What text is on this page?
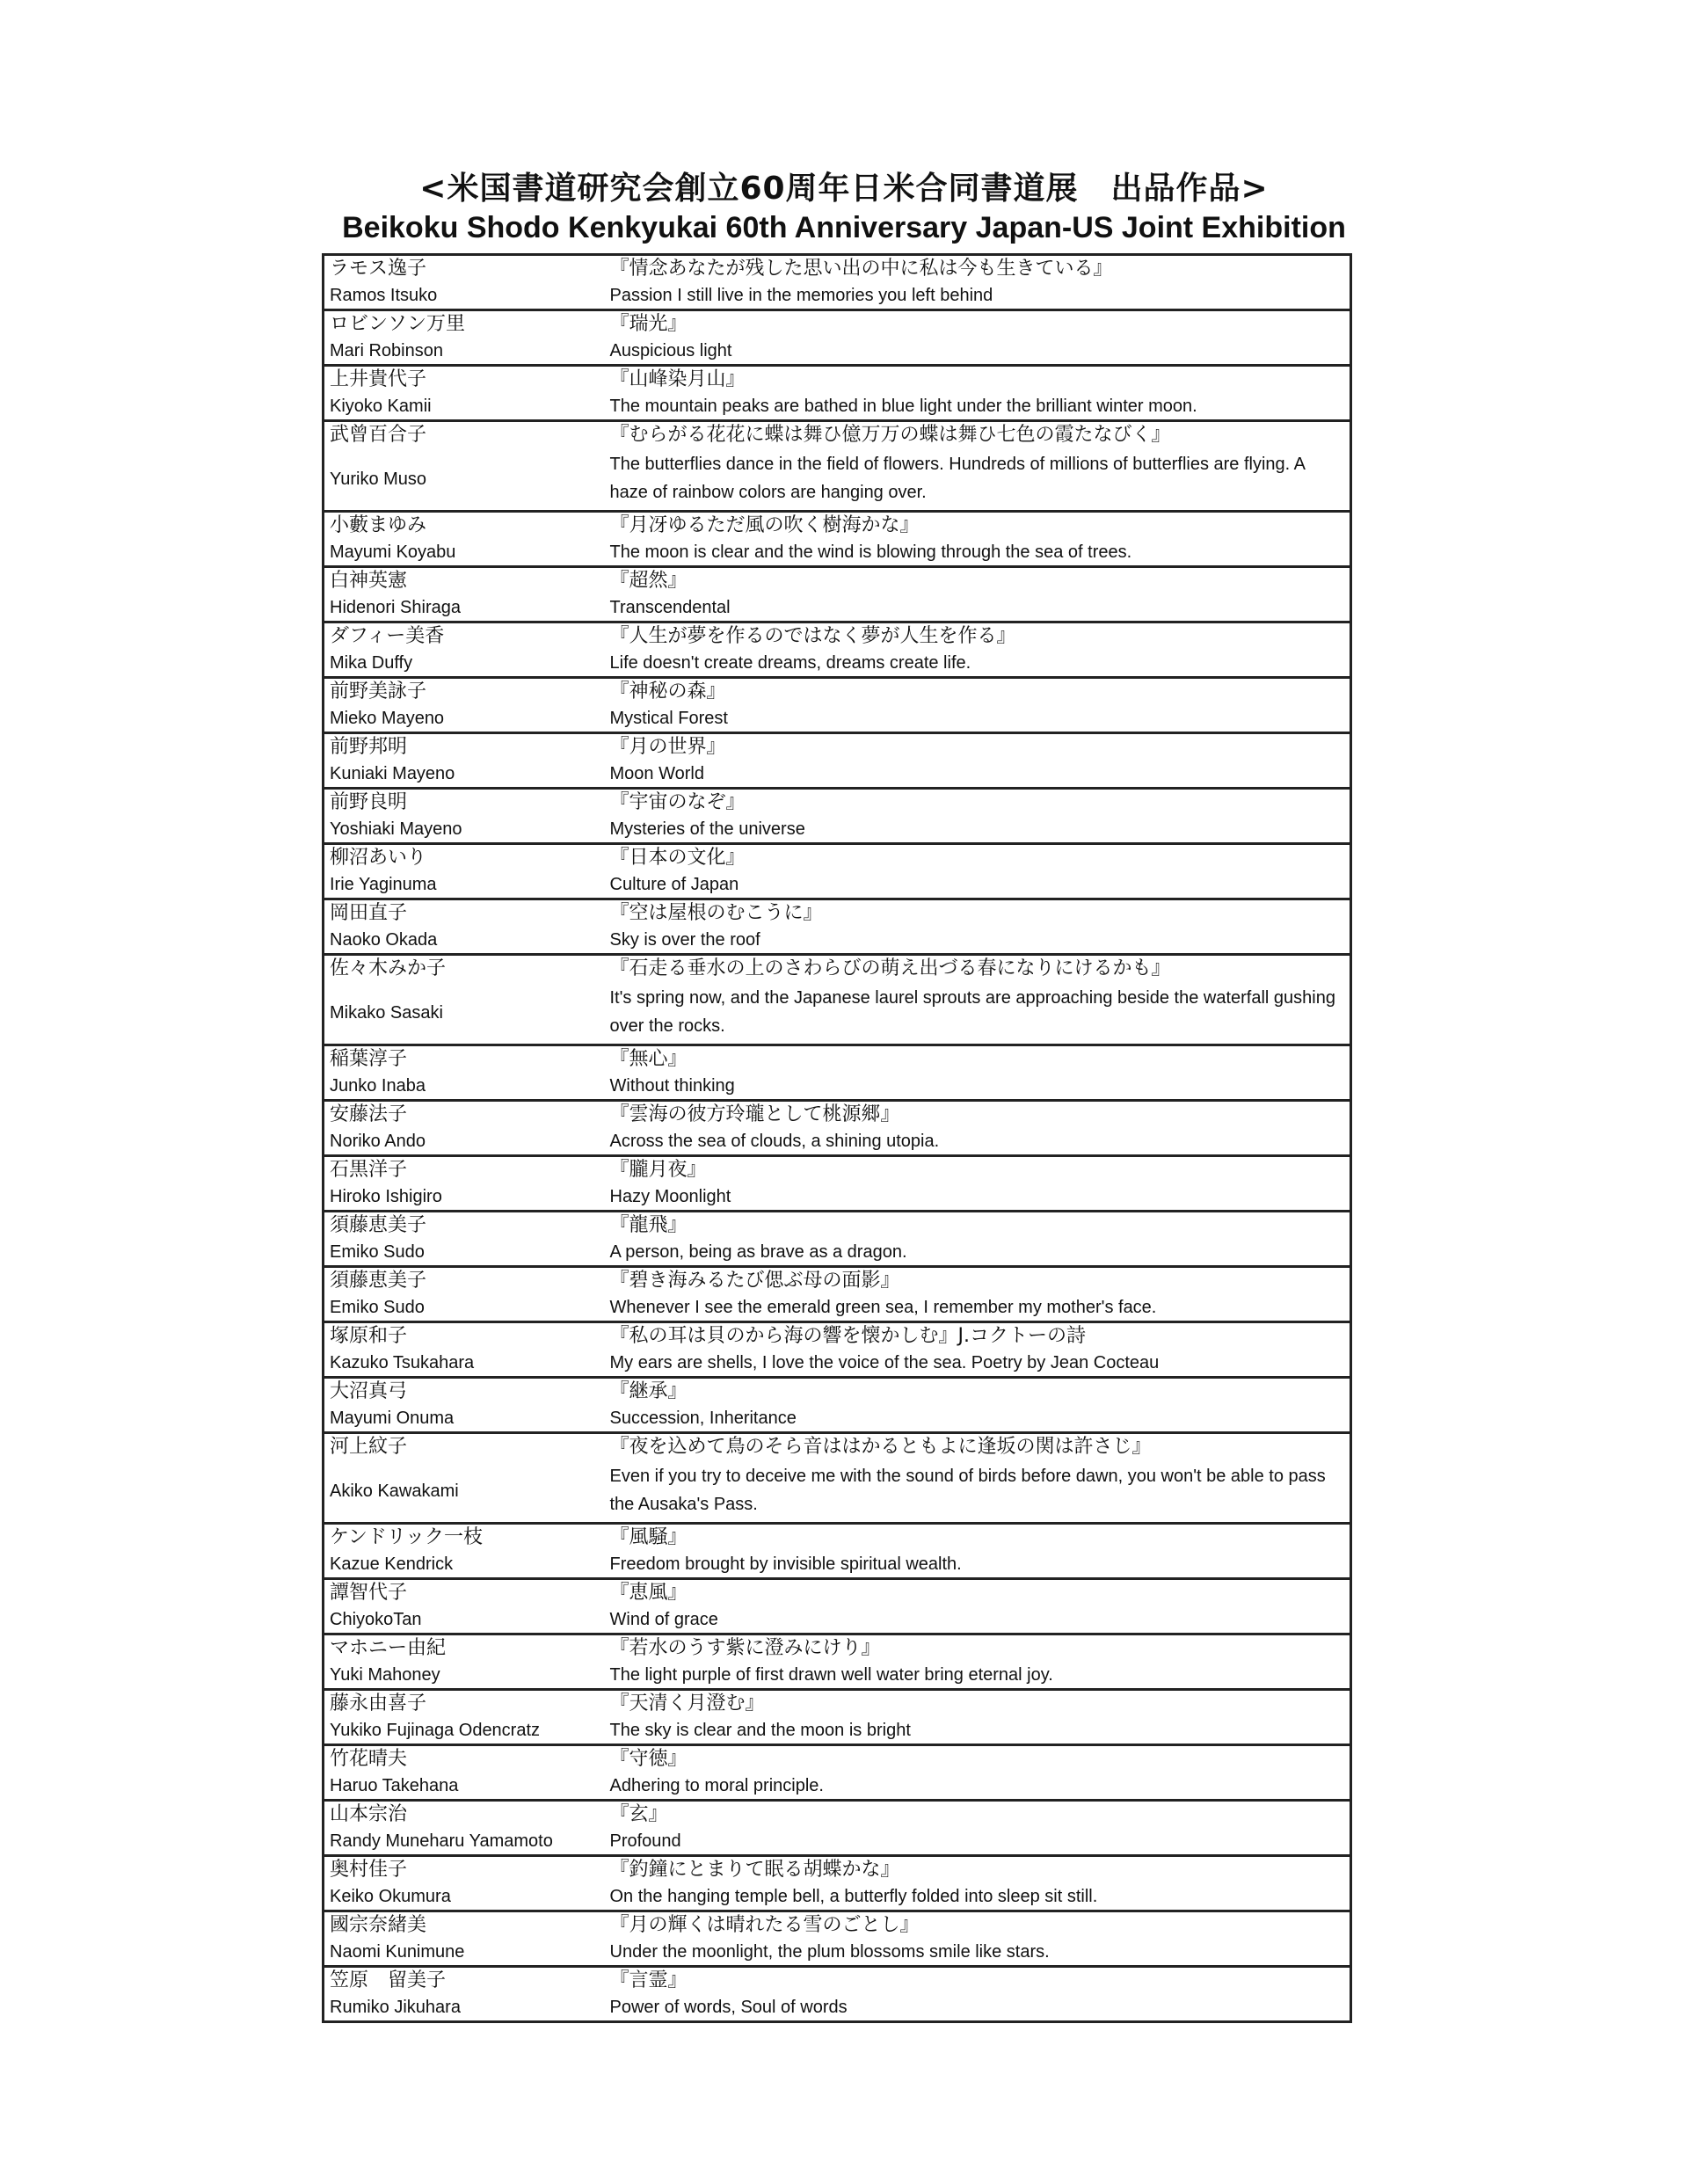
<米国書道研究会創立60周年日米合同書道展　出品作品>
Beikoku Shodo Kenkyukai 60th Anniversary Japan-US Joint Exhibition
ラモス逸子	『情念あなたが残した思い出の中に私は今も生きている』
Ramos Itsuko	Passion I still live in the memories you left behind
ロビンソン万里	『瑞光』
Mari Robinson	Auspicious light
上井貴代子	『山峰染月山』
Kiyoko Kamii	The mountain peaks are bathed in blue light under the brilliant winter moon.
武曾百合子	『むらがる花花に蝶は舞ひ億万万の蝶は舞ひ七色の霞たなびく』
Yuriko Muso	The butterflies dance in the field of flowers. Hundreds of millions of butterflies are flying. A haze of rainbow colors are hanging over.
小藪まゆみ	『月冴ゆるただ風の吹く樹海かな』
Mayumi Koyabu	The moon is clear and the wind is blowing through the sea of trees.
白神英憲	『超然』
Hidenori Shiraga	Transcendental
ダフィー美香	『人生が夢を作るのではなく夢が人生を作る』
Mika Duffy	Life doesn't create dreams, dreams create life.
前野美詠子	『神秘の森』
Mieko Mayeno	Mystical Forest
前野邦明	『月の世界』
Kuniaki Mayeno	Moon World
前野良明	『宇宙のなぞ』
Yoshiaki Mayeno	Mysteries of the universe
柳沼あいり	『日本の文化』
Irie Yaginuma	Culture of Japan
岡田直子	『空は屋根のむこうに』
Naoko Okada	Sky is over the roof
佐々木みか子	『石走る垂水の上のさわらびの萌え出づる春になりにけるかも』
Mikako Sasaki	It's spring now, and the Japanese laurel sprouts are approaching beside the waterfall gushing over the rocks.
稲葉淳子	『無心』
Junko Inaba	Without thinking
安藤法子	『雲海の彼方玲瓏として桃源郷』
Noriko Ando	Across the sea of clouds, a shining utopia.
石黒洋子	『朧月夜』
Hiroko Ishigiro	Hazy Moonlight
須藤恵美子	『龍飛』
Emiko Sudo	A person, being as brave as a dragon.
須藤恵美子	『碧き海みるたび偲ぶ母の面影』
Emiko Sudo	Whenever I see the emerald green sea, I remember my mother's face.
塚原和子	『私の耳は貝のから海の響を懐かしむ』J.コクトーの詩
Kazuko Tsukahara	My ears are shells, I love the voice of the sea. Poetry by Jean Cocteau
大沼真弓	『継承』
Mayumi Onuma	Succession, Inheritance
河上紋子	『夜を込めて鳥のそら音ははかるともよに逢坂の関は許さじ』
Akiko Kawakami	Even if you try to deceive me with the sound of birds before dawn, you won't be able to pass the Ausaka's Pass.
ケンドリック一枝	『風騒』
Kazue Kendrick	Freedom brought by invisible spiritual wealth.
譚智代子	『恵風』
ChiyokoTan	Wind of grace
マホニー由紀	『若水のうす紫に澄みにけり』
Yuki Mahoney	The light purple of first drawn well water bring eternal joy.
藤永由喜子	『天清く月澄む』
Yukiko Fujinaga Odencratz	The sky is clear and the moon is bright
竹花晴夫	『守徳』
Haruo Takehana	Adhering to moral principle.
山本宗治	『玄』
Randy Muneharu Yamamoto	Profound
奥村佳子	『釣鐘にとまりて眠る胡蝶かな』
Keiko Okumura	On the hanging temple bell, a butterfly folded into sleep sit still.
國宗奈緒美	『月の輝くは晴れたる雪のごとし』
Naomi Kunimune	Under the moonlight, the plum blossoms smile like stars.
笠原　留美子	『言霊』
Rumiko Jikuhara	Power of words, Soul of words
